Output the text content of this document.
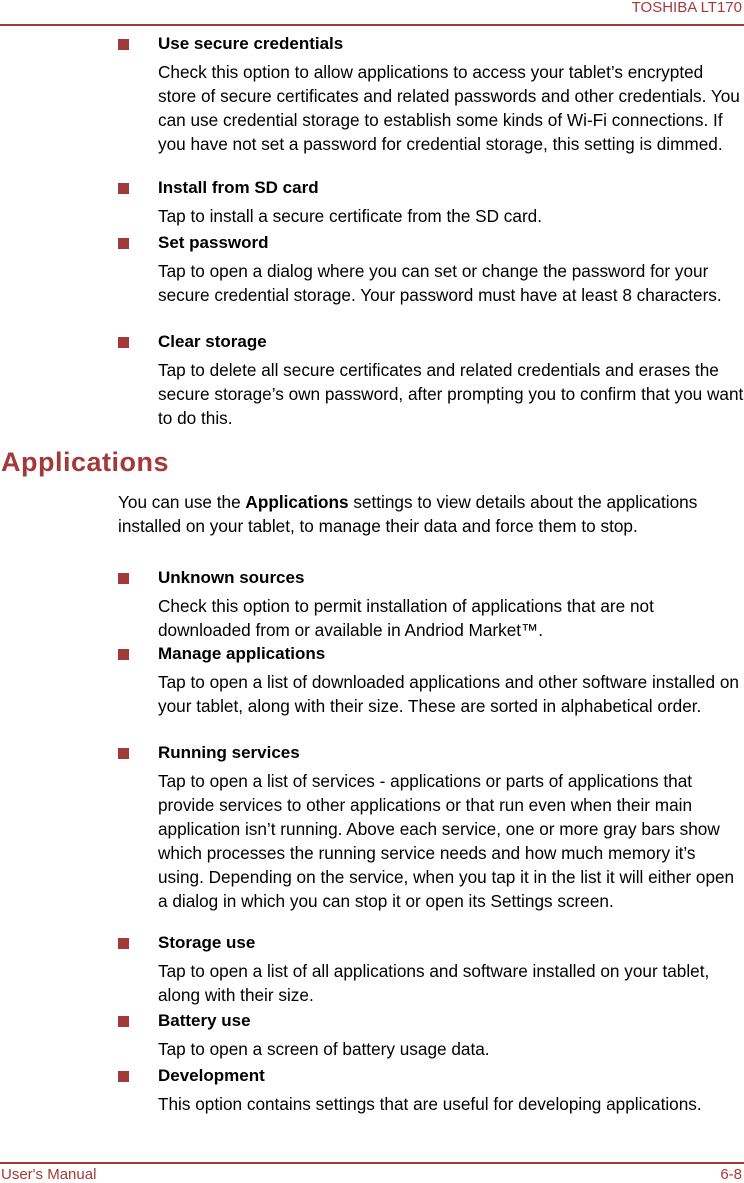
TOSHIBA LT170
Use secure credentials
Check this option to allow applications to access your tablet’s encrypted store of secure certificates and related passwords and other credentials. You can use credential storage to establish some kinds of Wi-Fi connections. If you have not set a password for credential storage, this setting is dimmed.
Install from SD card
Tap to install a secure certificate from the SD card.
Set password
Tap to open a dialog where you can set or change the password for your secure credential storage. Your password must have at least 8 characters.
Clear storage
Tap to delete all secure certificates and related credentials and erases the secure storage’s own password, after prompting you to confirm that you want to do this.
Applications
You can use the Applications settings to view details about the applications installed on your tablet, to manage their data and force them to stop.
Unknown sources
Check this option to permit installation of applications that are not downloaded from or available in Andriod Market™.
Manage applications
Tap to open a list of downloaded applications and other software installed on your tablet, along with their size. These are sorted in alphabetical order.
Running services
Tap to open a list of services - applications or parts of applications that provide services to other applications or that run even when their main application isn’t running. Above each service, one or more gray bars show which processes the running service needs and how much memory it’s using. Depending on the service, when you tap it in the list it will either open a dialog in which you can stop it or open its Settings screen.
Storage use
Tap to open a list of all applications and software installed on your tablet, along with their size.
Battery use
Tap to open a screen of battery usage data.
Development
This option contains settings that are useful for developing applications.
User's Manual	6-8
